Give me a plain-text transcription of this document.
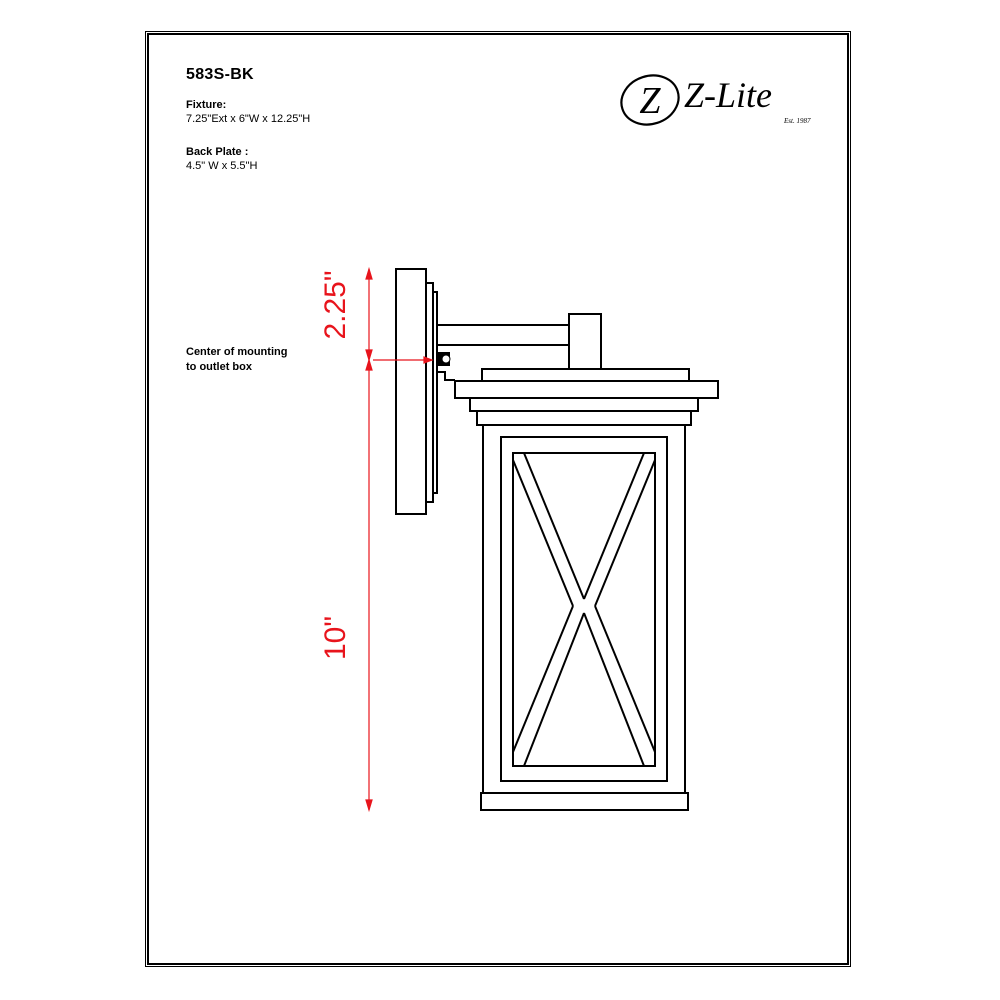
583S-BK
Fixture:
7.25"Ext x 6"W x 12.25"H
Back Plate :
4.5" W x 5.5"H
Center of mounting
to outlet box
Z Z-Lite
Est. 1987
2.25"
10"
